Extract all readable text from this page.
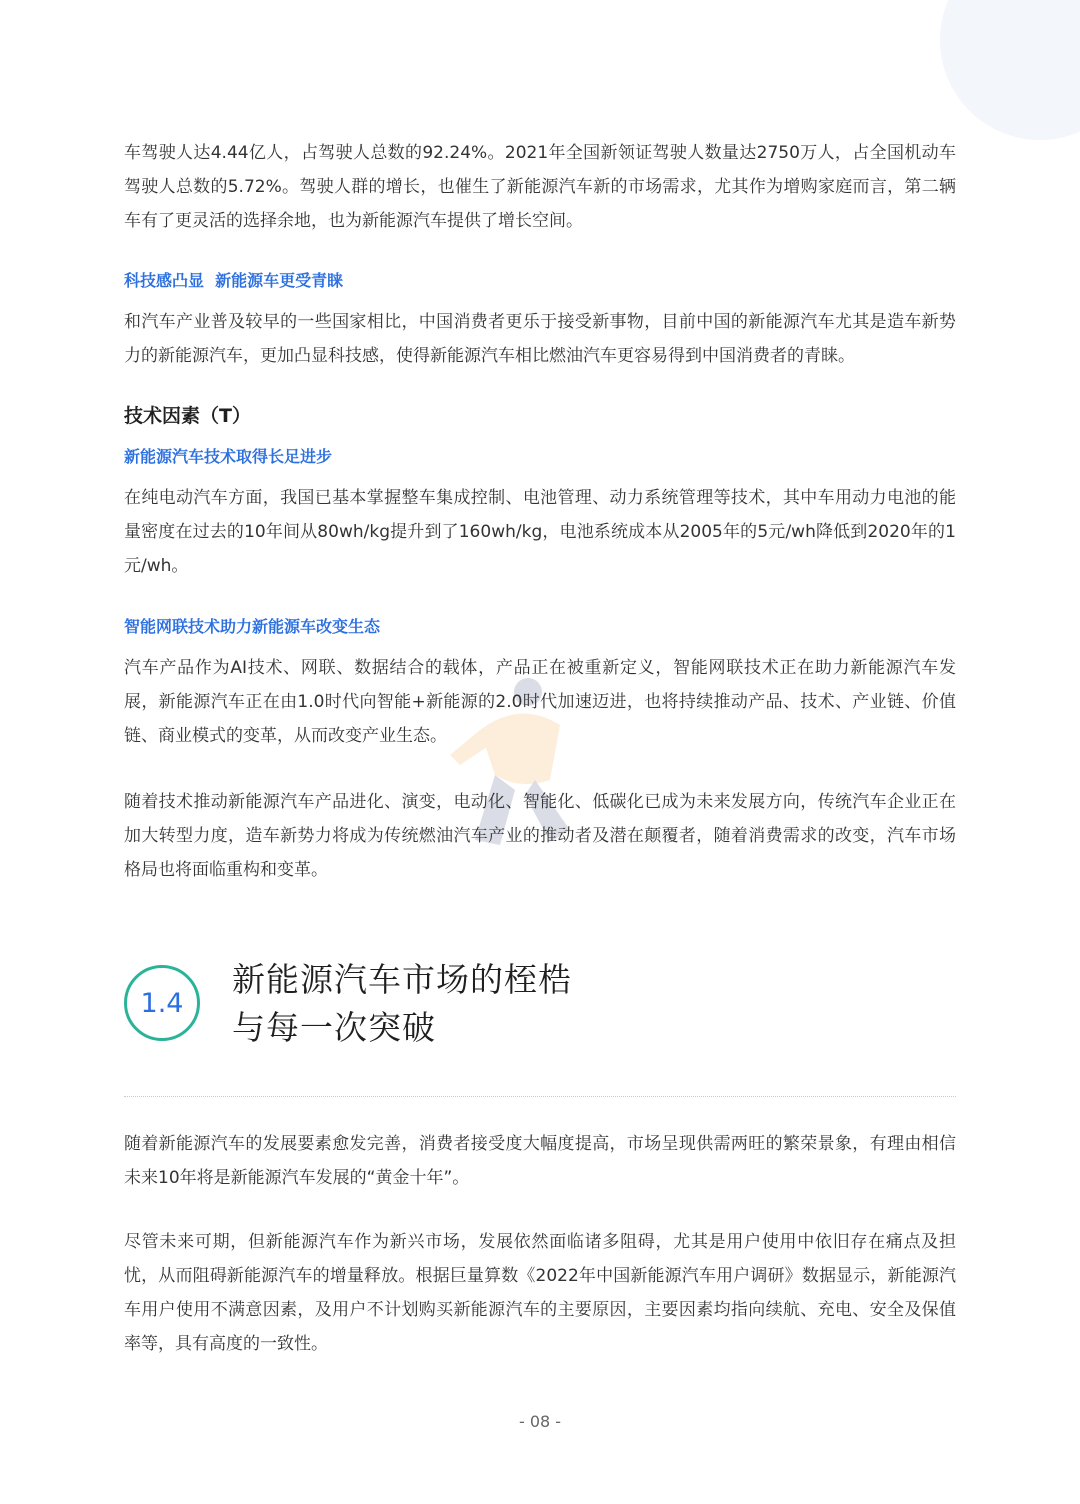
车驾驶人达4.44亿人，占驾驶人总数的92.24%。2021年全国新领证驾驶人数量达2750万人，占全国机动车驾驶人总数的5.72%。驾驶人群的增长，也催生了新能源汽车新的市场需求，尤其作为增购家庭而言，第二辆车有了更灵活的选择余地，也为新能源汽车提供了增长空间。

科技感凸显  新能源车更受青睐

和汽车产业普及较早的一些国家相比，中国消费者更乐于接受新事物，目前中国的新能源汽车尤其是造车新势力的新能源汽车，更加凸显科技感，使得新能源汽车相比燃油汽车更容易得到中国消费者的青睐。

技术因素（T）
新能源汽车技术取得长足进步

在纯电动汽车方面，我国已基本掌握整车集成控制、电池管理、动力系统管理等技术，其中车用动力电池的能量密度在过去的10年间从80wh/kg提升到了160wh/kg，电池系统成本从2005年的5元/wh降低到2020年的1元/wh。

智能网联技术助力新能源车改变生态

汽车产品作为AI技术、网联、数据结合的载体，产品正在被重新定义，智能网联技术正在助力新能源汽车发展，新能源汽车正在由1.0时代向智能+新能源的2.0时代加速迈进，也将持续推动产品、技术、产业链、价值链、商业模式的变革，从而改变产业生态。

随着技术推动新能源汽车产品进化、演变，电动化、智能化、低碳化已成为未来发展方向，传统汽车企业正在加大转型力度，造车新势力将成为传统燃油汽车产业的推动者及潜在颠覆者，随着消费需求的改变，汽车市场格局也将面临重构和变革。

1.4
新能源汽车市场的桎梏
与每一次突破

随着新能源汽车的发展要素愈发完善，消费者接受度大幅度提高，市场呈现供需两旺的繁荣景象，有理由相信未来10年将是新能源汽车发展的“黄金十年”。

尽管未来可期，但新能源汽车作为新兴市场，发展依然面临诸多阻碍，尤其是用户使用中依旧存在痛点及担忧，从而阻碍新能源汽车的增量释放。根据巨量算数《2022年中国新能源汽车用户调研》数据显示，新能源汽车用户使用不满意因素，及用户不计划购买新能源汽车的主要原因，主要因素均指向续航、充电、安全及保值率等，具有高度的一致性。

- 08 -
